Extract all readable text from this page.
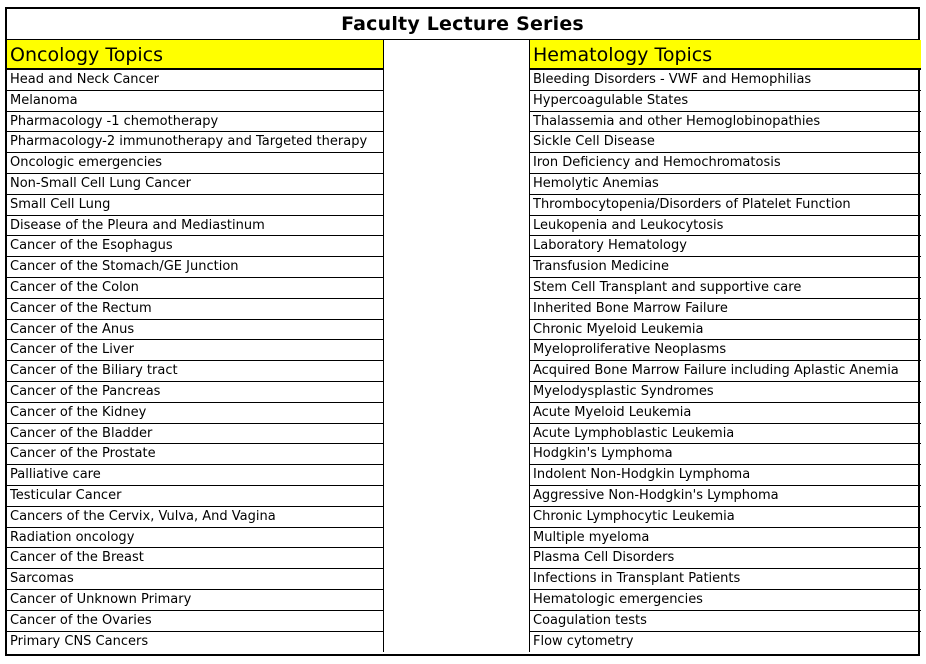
Faculty Lecture Series
Oncology Topics
Head and Neck Cancer
Melanoma
Pharmacology -1 chemotherapy
Pharmacology-2 immunotherapy and Targeted therapy
Oncologic emergencies
Non-Small Cell Lung Cancer
Small Cell Lung
Disease of the Pleura and Mediastinum
Cancer of the Esophagus
Cancer of the Stomach/GE Junction
Cancer of the Colon
Cancer of the Rectum
Cancer of the Anus
Cancer of the Liver
Cancer of the Biliary tract
Cancer of the Pancreas
Cancer of the Kidney
Cancer of the Bladder
Cancer of the Prostate
Palliative care
Testicular Cancer
Cancers of the Cervix, Vulva, And Vagina
Radiation oncology
Cancer of the Breast
Sarcomas
Cancer of Unknown Primary
Cancer of the Ovaries
Primary CNS Cancers
Hematology Topics
Bleeding Disorders - VWF and Hemophilias
Hypercoagulable States
Thalassemia and other Hemoglobinopathies
Sickle Cell Disease
Iron Deficiency and Hemochromatosis
Hemolytic Anemias
Thrombocytopenia/Disorders of Platelet Function
Leukopenia and Leukocytosis
Laboratory Hematology
Transfusion Medicine
Stem Cell Transplant and supportive care
Inherited Bone Marrow Failure
Chronic Myeloid Leukemia
Myeloproliferative Neoplasms
Acquired Bone Marrow Failure including Aplastic Anemia
Myelodysplastic Syndromes
Acute Myeloid Leukemia
Acute Lymphoblastic Leukemia
Hodgkin's Lymphoma
Indolent Non-Hodgkin Lymphoma
Aggressive Non-Hodgkin's Lymphoma
Chronic Lymphocytic Leukemia
Multiple myeloma
Plasma Cell Disorders
Infections in Transplant Patients
Hematologic emergencies
Coagulation tests
Flow cytometry
